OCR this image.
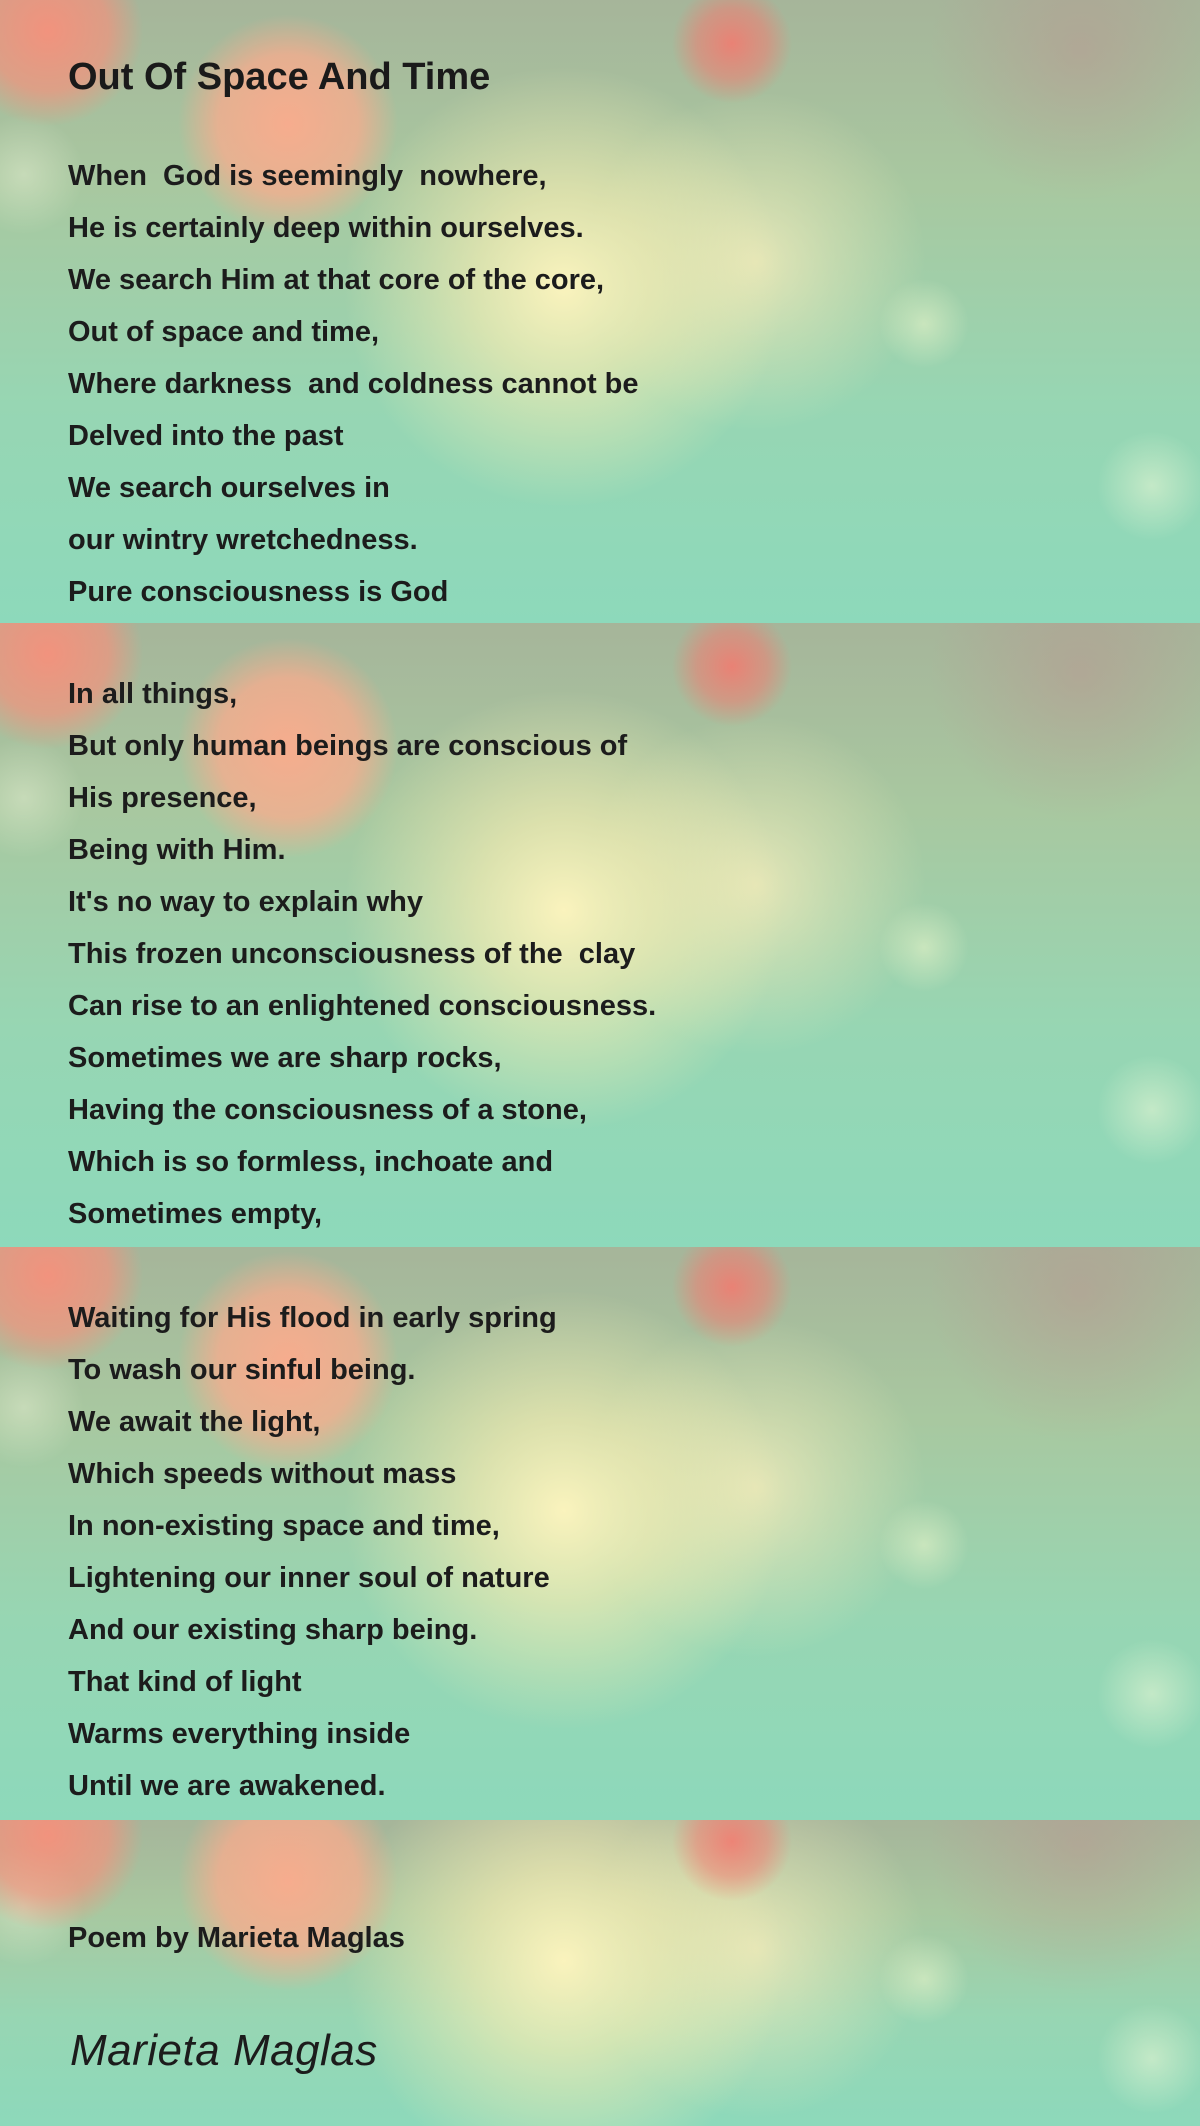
Out Of Space And Time
When  God is seemingly  nowhere,
He is certainly deep within ourselves.
We search Him at that core of the core,
Out of space and time,
Where darkness  and coldness cannot be
Delved into the past
We search ourselves in
our wintry wretchedness.
Pure consciousness is God
In all things,
But only human beings are conscious of
His presence,
Being with Him.
It's no way to explain why
This frozen unconsciousness of the  clay
Can rise to an enlightened consciousness.
Sometimes we are sharp rocks,
Having the consciousness of a stone,
Which is so formless, inchoate and
Sometimes empty,
Waiting for His flood in early spring
To wash our sinful being.
We await the light,
Which speeds without mass
In non-existing space and time,
Lightening our inner soul of nature
And our existing sharp being.
That kind of light
Warms everything inside
Until we are awakened.
Poem by Marieta Maglas
Marieta Maglas
